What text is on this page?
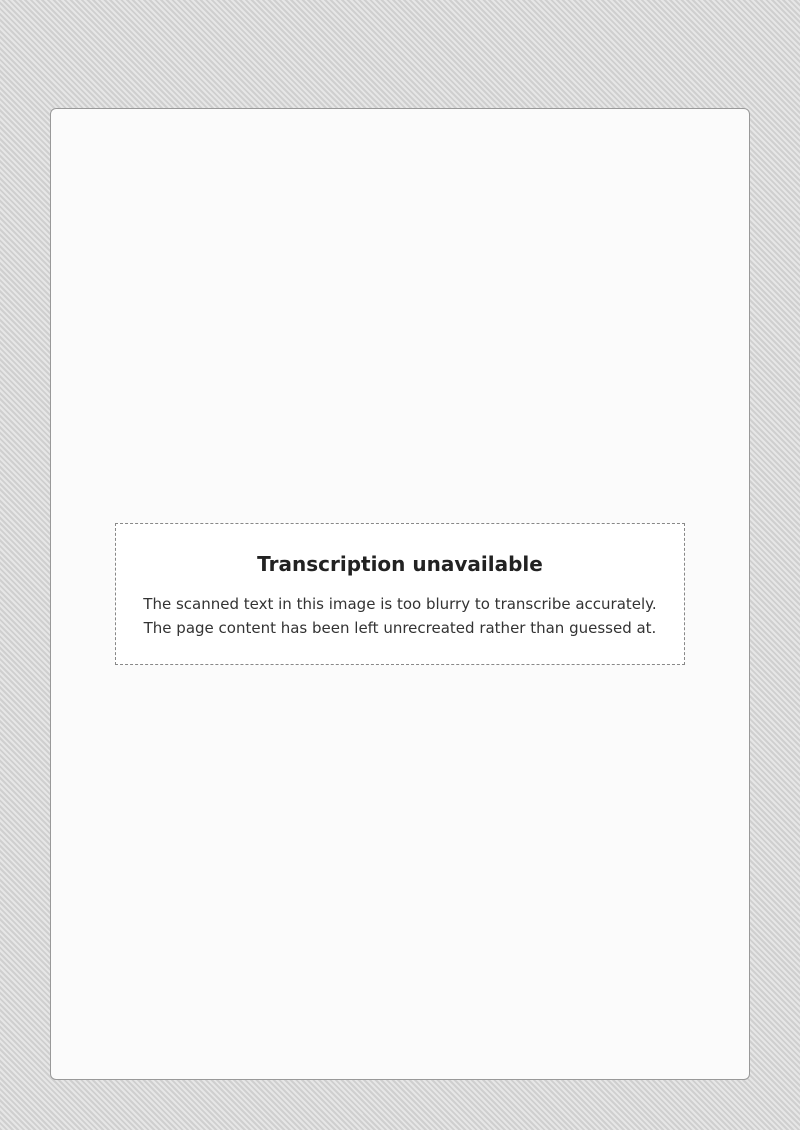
Transcription unavailable
The scanned text in this image is too blurry to transcribe accurately. The page content has been left unrecreated rather than guessed at.
